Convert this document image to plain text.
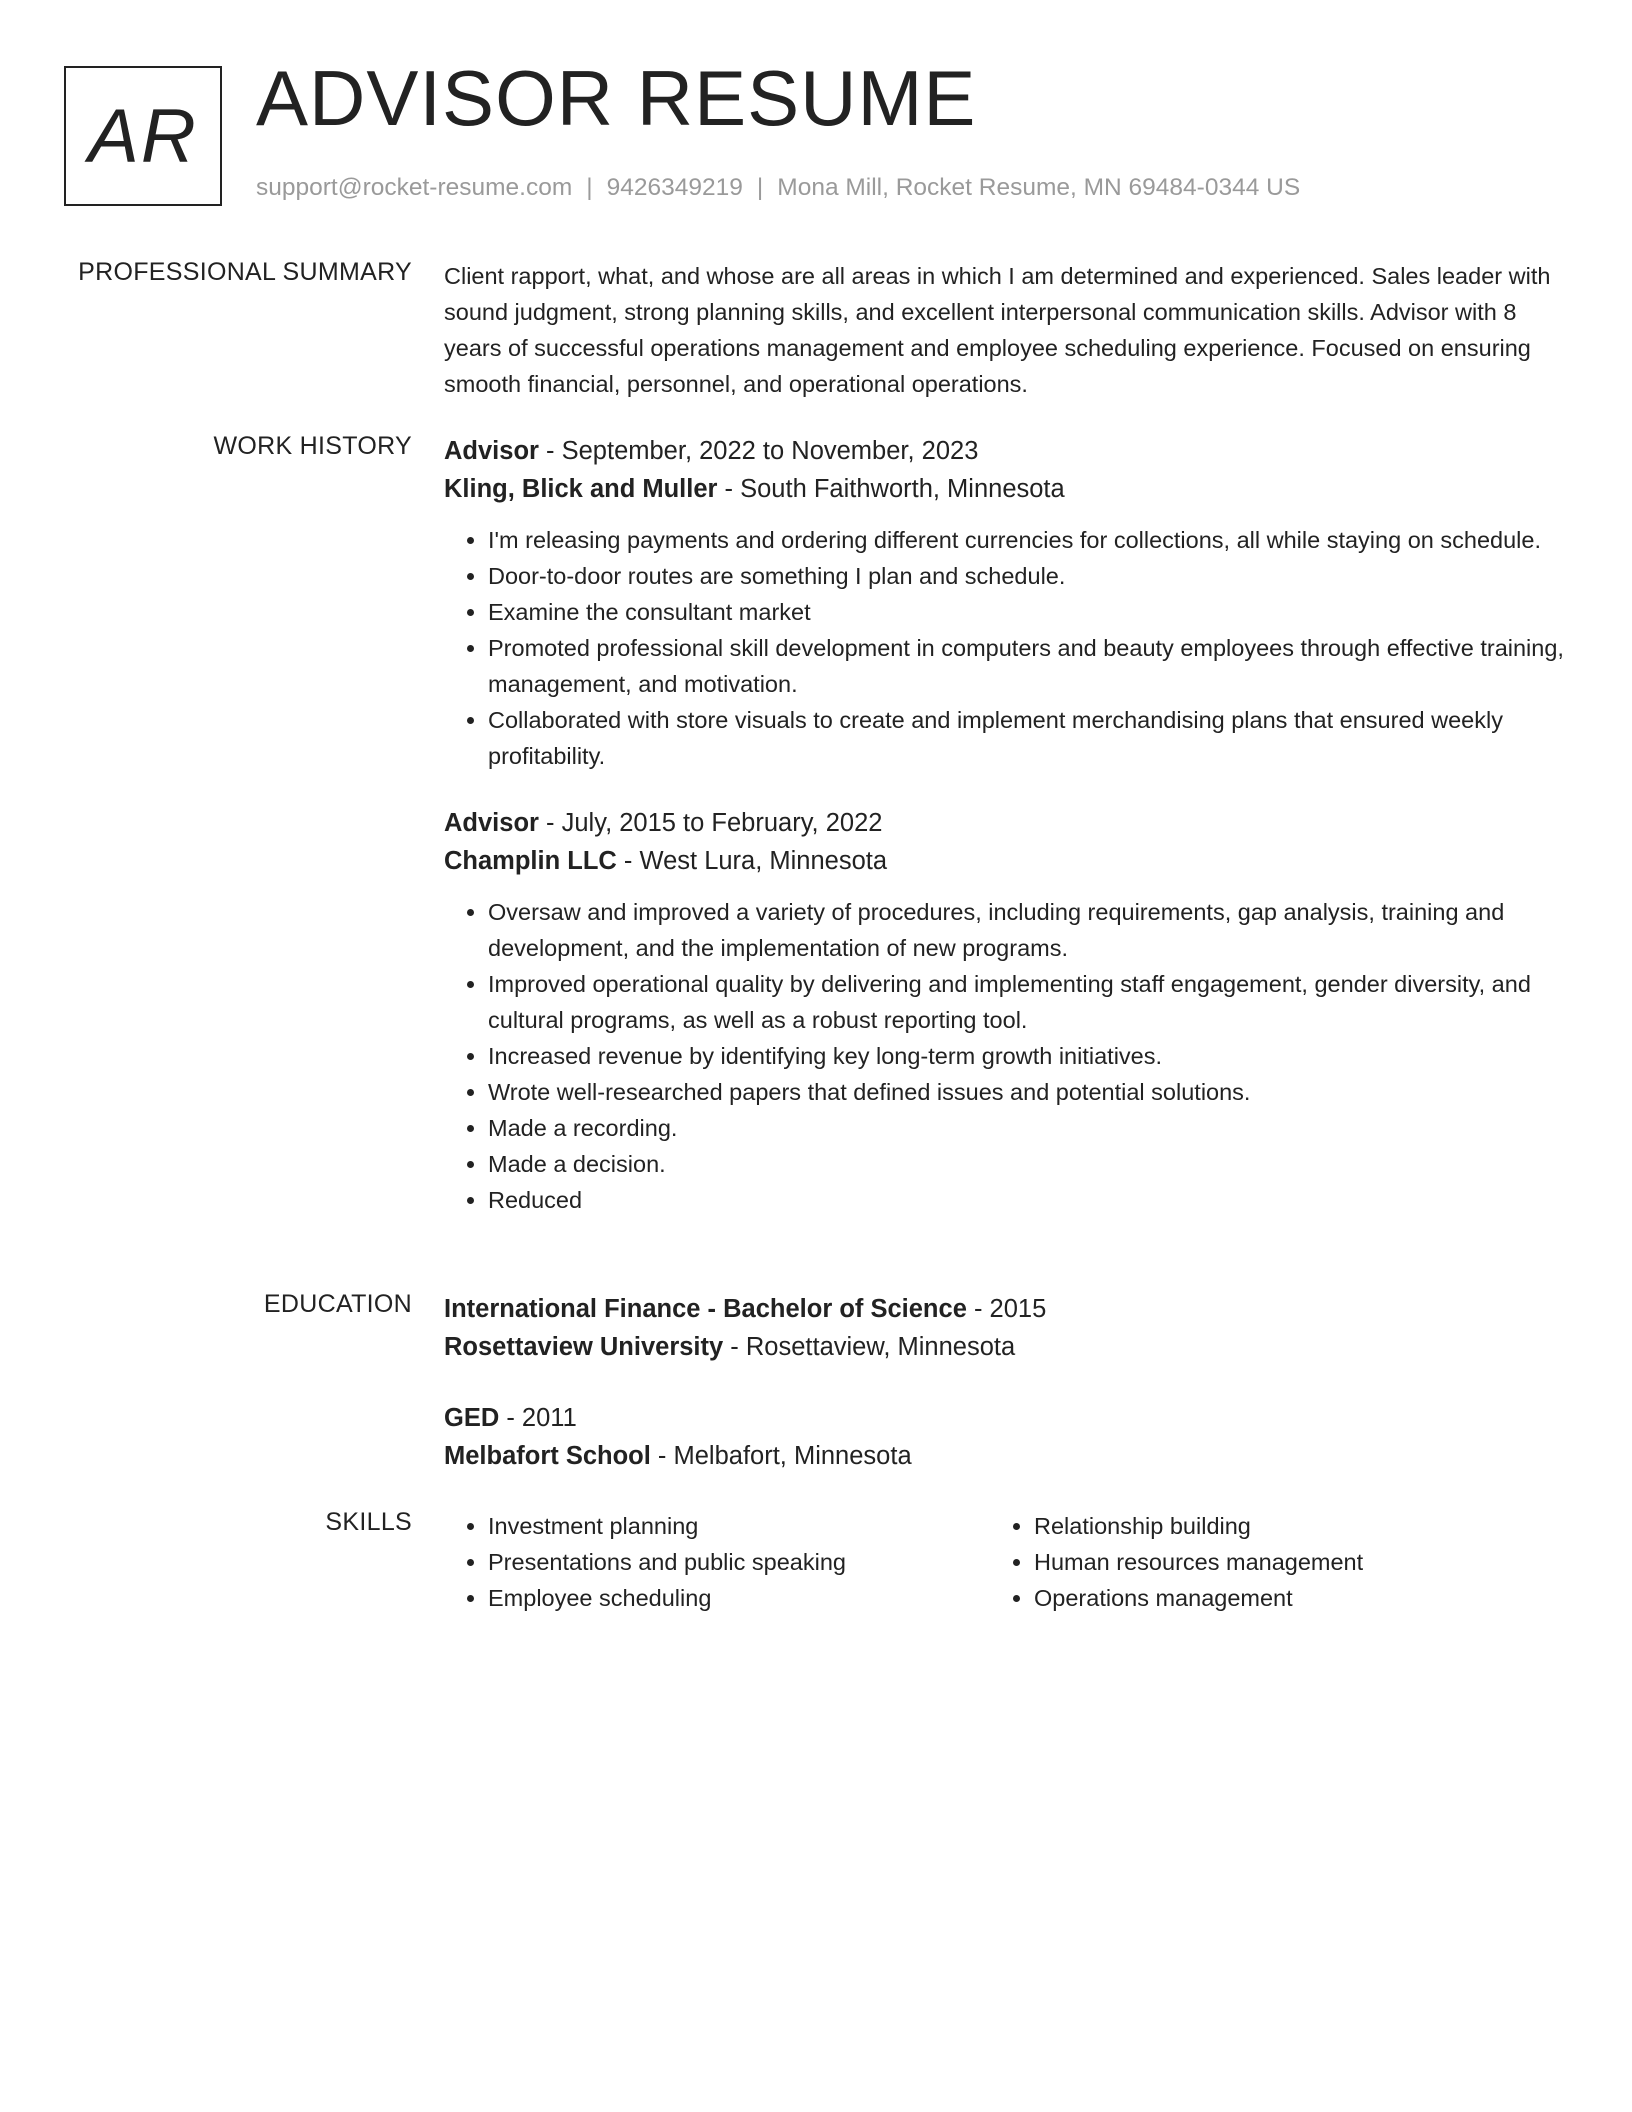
AR ADVISOR RESUME
support@rocket-resume.com | 9426349219 | Mona Mill, Rocket Resume, MN 69484-0344 US
PROFESSIONAL SUMMARY Client rapport, what, and whose are all areas in which I am determined and experienced. Sales leader with sound judgment, strong planning skills, and excellent interpersonal communication skills. Advisor with 8 years of successful operations management and employee scheduling experience. Focused on ensuring smooth financial, personnel, and operational operations.

WORK HISTORY Advisor - September, 2022 to November, 2023

Kling, Blick and Muller - South Faithworth, Minnesota

• I'm releasing payments and ordering different currencies for collections, all while staying on schedule.
• Door-to-door routes are something I plan and schedule.
• Examine the consultant market
• Promoted professional skill development in computers and beauty employees through effective training, management, and motivation.
• Collaborated with store visuals to create and implement merchandising plans that ensured weekly profitability.

Advisor - July, 2015 to February, 2022

Champlin LLC - West Lura, Minnesota

• Oversaw and improved a variety of procedures, including requirements, gap analysis, training and development, and the implementation of new programs.
• Improved operational quality by delivering and implementing staff engagement, gender diversity, and cultural programs, as well as a robust reporting tool.
• Increased revenue by identifying key long-term growth initiatives.
• Wrote well-researched papers that defined issues and potential solutions.
• Made a recording.
• Made a decision.
• Reduced
EDUCATION International Finance - Bachelor of Science - 2015

Rosettaview University - Rosettaview, Minnesota

GED - 2011

Melbafort School - Melbafort, Minnesota

SKILLS
•	Investment planning
• Presentations and public speaking
• Employee scheduling
• Relationship building
• Human resources management
• Operations management
